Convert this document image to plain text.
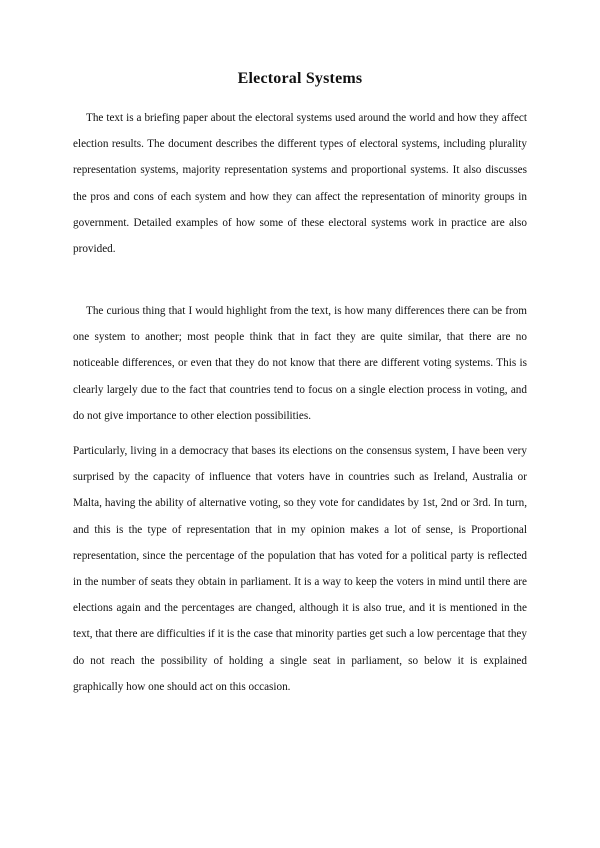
Electoral Systems

The text is a briefing paper about the electoral systems used around the world and how they affect election results. The document describes the different types of electoral systems, including plurality representation systems, majority representation systems and proportional systems. It also discusses the pros and cons of each system and how they can affect the representation of minority groups in government. Detailed examples of how some of these electoral systems work in practice are also provided.

The curious thing that I would highlight from the text, is how many differences there can be from one system to another; most people think that in fact they are quite similar, that there are no noticeable differences, or even that they do not know that there are different voting systems. This is clearly largely due to the fact that countries tend to focus on a single election process in voting, and do not give importance to other election possibilities.

Particularly, living in a democracy that bases its elections on the consensus system, I have been very surprised by the capacity of influence that voters have in countries such as Ireland, Australia or Malta, having the ability of alternative voting, so they vote for candidates by 1st, 2nd or 3rd. In turn, and this is the type of representation that in my opinion makes a lot of sense, is Proportional representation, since the percentage of the population that has voted for a political party is reflected in the number of seats they obtain in parliament. It is a way to keep the voters in mind until there are elections again and the percentages are changed, although it is also true, and it is mentioned in the text, that there are difficulties if it is the case that minority parties get such a low percentage that they do not reach the possibility of holding a single seat in parliament, so below it is explained graphically how one should act on this occasion.
